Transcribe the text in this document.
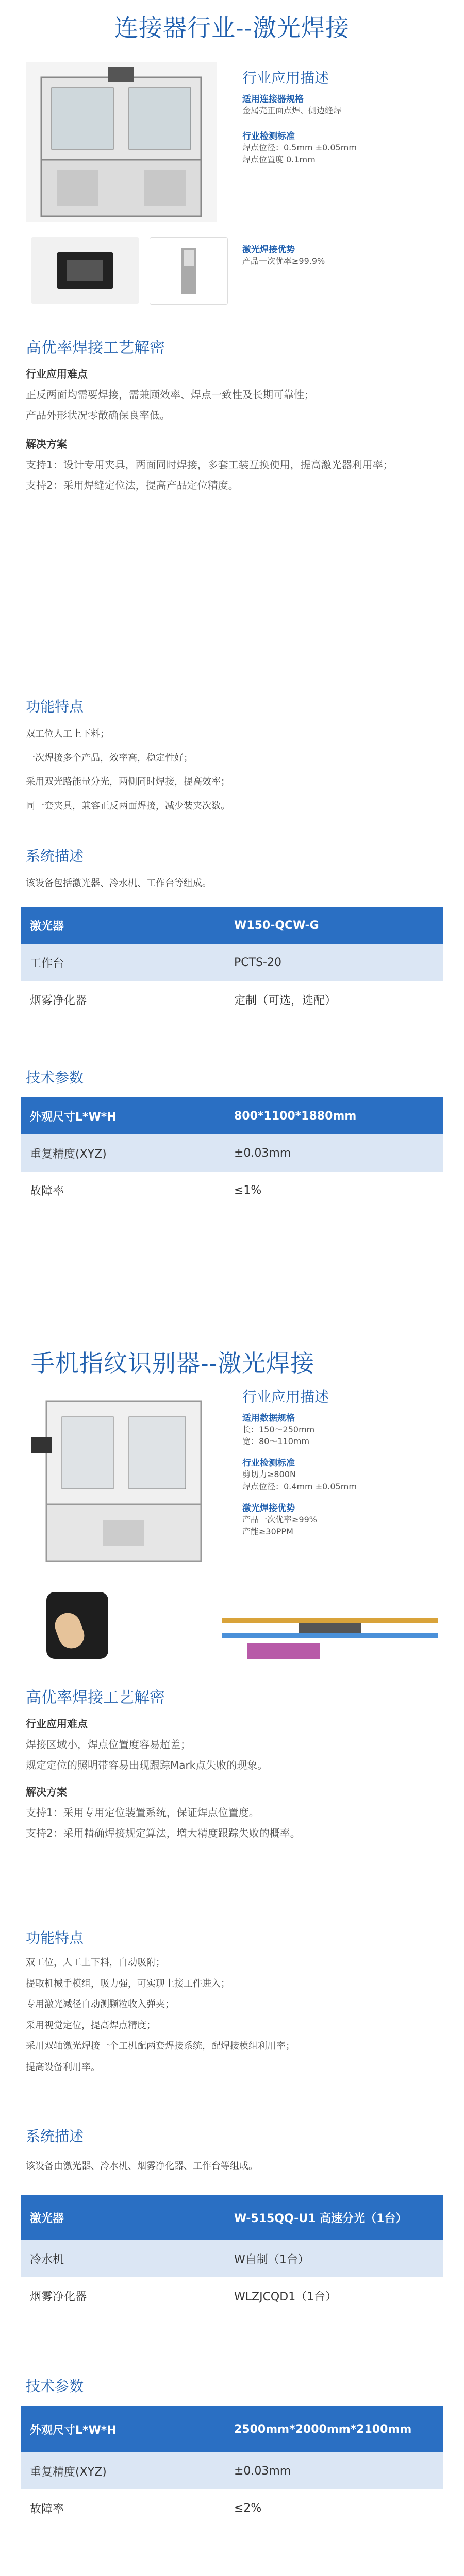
连接器行业--激光焊接
行业应用描述
适用连接器规格
金属壳正面点焊、侧边缝焊
行业检测标准
焊点位径：0.5mm ±0.05mm
焊点位置度 0.1mm
激光焊接优势
产品一次优率≥99.9%
高优率焊接工艺解密
行业应用难点
正反两面均需要焊接，需兼顾效率、焊点一致性及长期可靠性；
产品外形状况零散确保良率低。
解决方案
支持1：设计专用夹具，两面同时焊接，多套工装互换使用，提高激光器利用率；
支持2：采用焊缝定位法，提高产品定位精度。
功能特点
双工位人工上下料；
一次焊接多个产品，效率高，稳定性好；
采用双光路能量分光，两侧同时焊接，提高效率；
同一套夹具，兼容正反两面焊接，减少装夹次数。
系统描述
该设备包括激光器、冷水机、工作台等组成。
激光器	W150-QCW-G
工作台	PCTS-20
烟雾净化器	定制（可选，选配）
技术参数
外观尺寸L*W*H	800*1100*1880mm
重复精度(XYZ)	±0.03mm
故障率	≤1%
手机指纹识别器--激光焊接
行业应用描述
适用数据规格
长：150～250mm
宽：80～110mm
行业检测标准
剪切力≥800N
焊点位径：0.4mm ±0.05mm
激光焊接优势
产品一次优率≥99%
产能≥30PPM
高优率焊接工艺解密
行业应用难点
焊接区域小，焊点位置度容易超差；
规定定位的照明带容易出现跟踪Mark点失败的现象。
解决方案
支持1：采用专用定位装置系统，保证焊点位置度。
支持2：采用精确焊接规定算法，增大精度跟踪失败的概率。
功能特点
双工位，人工上下料，自动吸附；
提取机械手模组，吸力强，可实现上接工件进入；
专用激光减径自动测颗粒收入弹夹；
采用视觉定位，提高焊点精度；
采用双轴激光焊接一个工机配两套焊接系统，配焊接模组利用率；
提高设备利用率。
系统描述
该设备由激光器、冷水机、烟雾净化器、工作台等组成。
激光器	W-515QQ-U1 高速分光（1台）
冷水机	W自制（1台）
烟雾净化器	WLZJCQD1（1台）
技术参数
外观尺寸L*W*H	2500mm*2000mm*2100mm
重复精度(XYZ)	±0.03mm
故障率	≤2%
